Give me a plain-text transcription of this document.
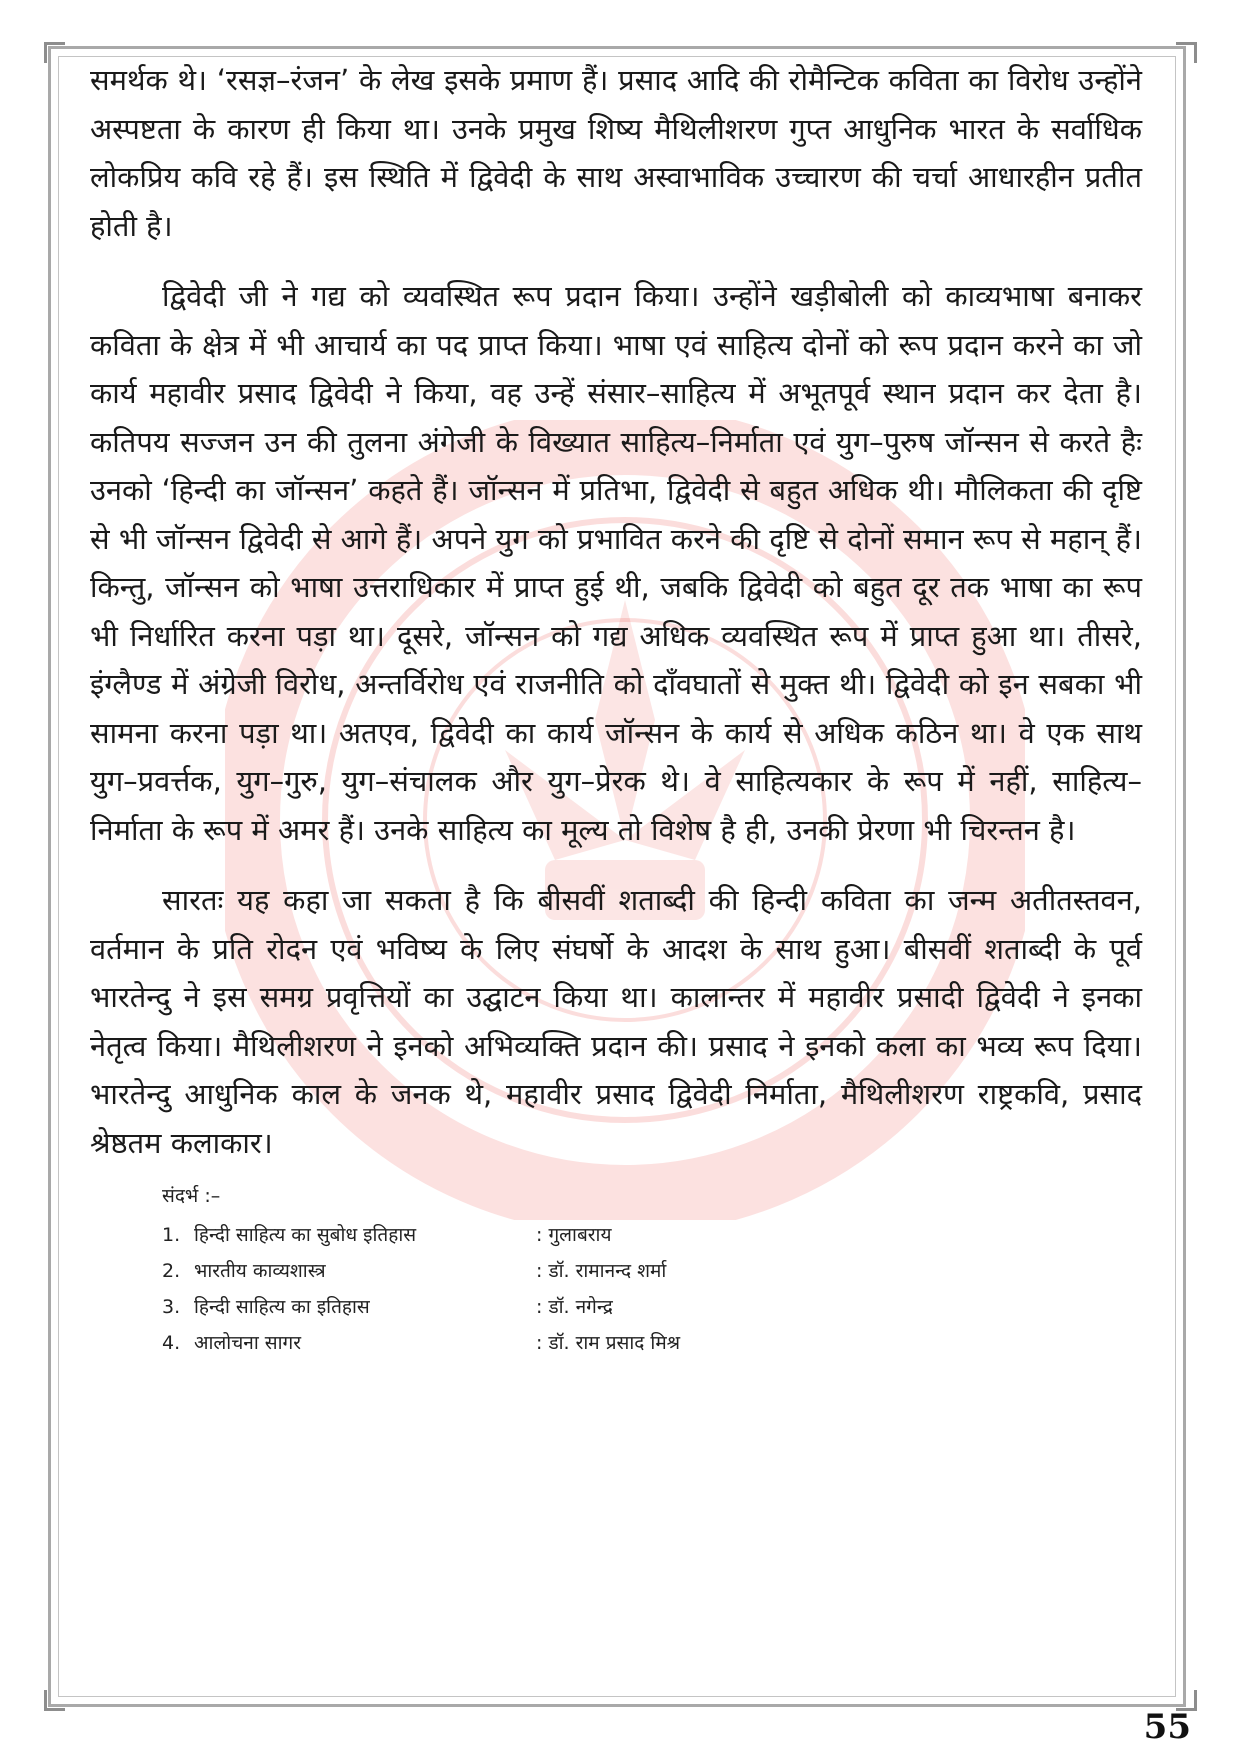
समर्थक थे। ‘रसज्ञ–रंजन’ के लेख इसके प्रमाण हैं। प्रसाद आदि की रोमैन्टिक कविता का विरोध उन्होंने अस्पष्टता के कारण ही किया था। उनके प्रमुख शिष्य मैथिलीशरण गुप्त आधुनिक भारत के सर्वाधिक लोकप्रिय कवि रहे हैं। इस स्थिति में द्विवेदी के साथ अस्वाभाविक उच्चारण की चर्चा आधारहीन प्रतीत होती है।

द्विवेदी जी ने गद्य को व्यवस्थित रूप प्रदान किया। उन्होंने खड़ीबोली को काव्यभाषा बनाकर कविता के क्षेत्र में भी आचार्य का पद प्राप्त किया। भाषा एवं साहित्य दोनों को रूप प्रदान करने का जो कार्य महावीर प्रसाद द्विवेदी ने किया, वह उन्हें संसार–साहित्य में अभूतपूर्व स्थान प्रदान कर देता है। कतिपय सज्जन उन की तुलना अंगेजी के विख्यात साहित्य–निर्माता एवं युग–पुरुष जॉन्सन से करते हैः उनको ‘हिन्दी का जॉन्सन’ कहते हैं। जॉन्सन में प्रतिभा, द्विवेदी से बहुत अधिक थी। मौलिकता की दृष्टि से भी जॉन्सन द्विवेदी से आगे हैं। अपने युग को प्रभावित करने की दृष्टि से दोनों समान रूप से महान् हैं। किन्तु, जॉन्सन को भाषा उत्तराधिकार में प्राप्त हुई थी, जबकि द्विवेदी को बहुत दूर तक भाषा का रूप भी निर्धारित करना पड़ा था। दूसरे, जॉन्सन को गद्य अधिक व्यवस्थित रूप में प्राप्त हुआ था। तीसरे, इंग्लैण्ड में अंग्रेजी विरोध, अन्तर्विरोध एवं राजनीति को दाँवघातों से मुक्त थी। द्विवेदी को इन सबका भी सामना करना पड़ा था। अतएव, द्विवेदी का कार्य जॉन्सन के कार्य से अधिक कठिन था। वे एक साथ युग–प्रवर्त्तक, युग–गुरु, युग–संचालक और युग–प्रेरक थे। वे साहित्यकार के रूप में नहीं, साहित्य–निर्माता के रूप में अमर हैं। उनके साहित्य का मूल्य तो विशेष है ही, उनकी प्रेरणा भी चिरन्तन है।

सारतः यह कहा जा सकता है कि बीसवीं शताब्दी की हिन्दी कविता का जन्म अतीतस्तवन, वर्तमान के प्रति रोदन एवं भविष्य के लिए संघर्षो के आदश के साथ हुआ। बीसवीं शताब्दी के पूर्व भारतेन्दु ने इस समग्र प्रवृत्तियों का उद्घाटन किया था। कालान्तर में महावीर प्रसादी द्विवेदी ने इनका नेतृत्व किया। मैथिलीशरण ने इनको अभिव्यक्ति प्रदान की। प्रसाद ने इनको कला का भव्य रूप दिया। भारतेन्दु आधुनिक काल के जनक थे, महावीर प्रसाद द्विवेदी निर्माता, मैथिलीशरण राष्ट्रकवि, प्रसाद श्रेष्ठतम कलाकार।

संदर्भ :–
1. हिन्दी साहित्य का सुबोध इतिहास	: गुलाबराय
2. भारतीय काव्यशास्त्र	: डॉ. रामानन्द शर्मा
3. हिन्दी साहित्य का इतिहास	: डॉ. नगेन्द्र
4. आलोचना सागर	: डॉ. राम प्रसाद मिश्र
55
